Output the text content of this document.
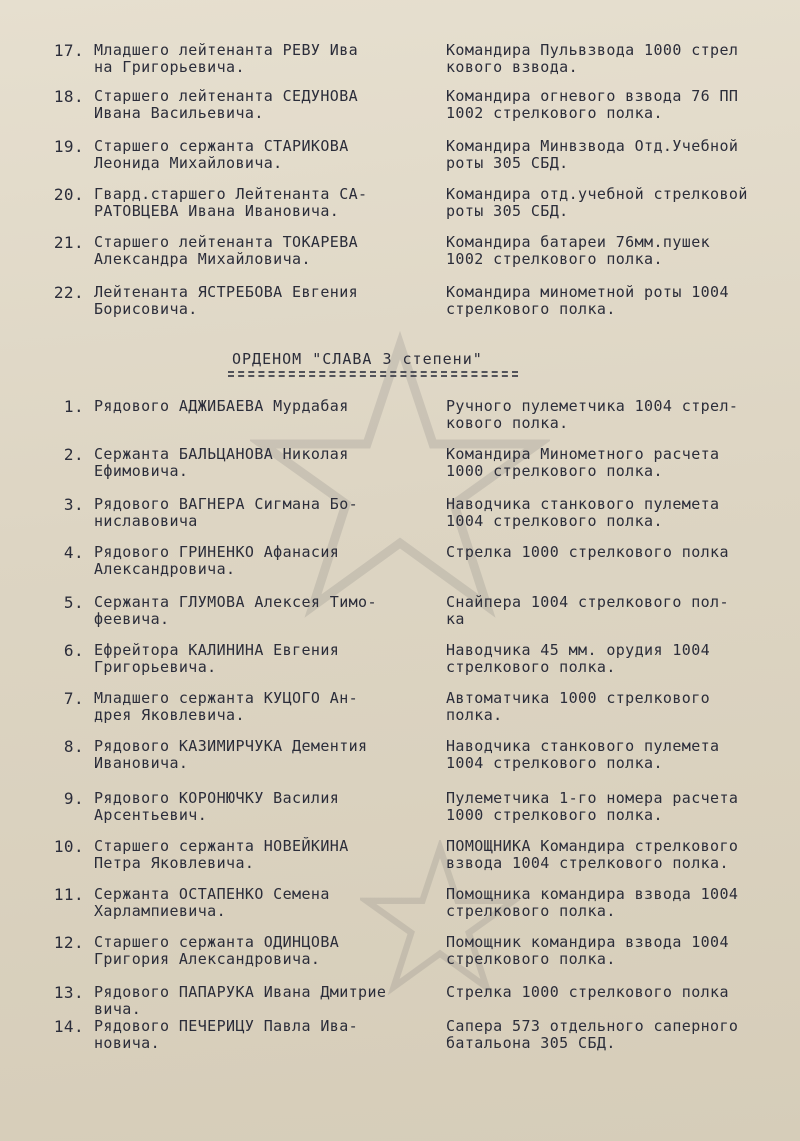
17. Младшего лейтенанта РЕВУ Ива
на Григорьевича.
Командира Пульвзвода 1000 стрел
кового взвода.
18. Старшего лейтенанта СЕДУНОВА
Ивана Васильевича.
Командира огневого взвода 76 ПП
1002 стрелкового полка.
19. Старшего сержанта СТАРИКОВА
Леонида Михайловича.
Командира Минвзвода Отд.Учебной
роты 305 СБД.
20. Гвард.старшего Лейтенанта СА-
РАТОВЦЕВА Ивана Ивановича.
Командира отд.учебной стрелковой
роты 305 СБД.
21. Старшего лейтенанта ТОКАРЕВА
Александра Михайловича.
Командира батареи 76мм.пушек
1002 стрелкового полка.
22. Лейтенанта ЯСТРЕБОВА Евгения
Борисовича.
Командира минометной роты 1004
стрелкового полка.
ОРДЕНОМ "СЛАВА 3 степени"
1. Рядового АДЖИБАЕВА Мурдабая	Ручного пулеметчика 1004 стрел-
кового полка.
2. Сержанта БАЛЬЦАНОВА Николая
Ефимовича.
Командира Минометного расчета
1000 стрелкового полка.
3. Рядового ВАГНЕРА Сигмана Бо-
ниславовича
Наводчика станкового пулемета
1004 стрелкового полка.
4. Рядового ГРИНЕНКО Афанасия
Александровича.
Стрелка 1000 стрелкового полка
5. Сержанта ГЛУМОВА Алексея Тимо-
феевича.
Снайпера 1004 стрелкового пол-
ка
6. Ефрейтора КАЛИНИНА Евгения
Григорьевича.
Наводчика 45 мм. орудия 1004
стрелкового полка.
7. Младшего сержанта КУЦОГО Ан-
дрея Яковлевича.
Автоматчика 1000 стрелкового
полка.
8. Рядового КАЗИМИРЧУКА Дементия
Ивановича.
Наводчика станкового пулемета
1004 стрелкового полка.
9. Рядового КОРОНЮЧКУ Василия
Арсентьевич.
Пулеметчика 1-го номера расчета
1000 стрелкового полка.
10. Старшего сержанта НОВЕЙКИНА
Петра Яковлевича.
ПОМОЩНИКА Командира стрелкового
взвода 1004 стрелкового полка.
11. Сержанта ОСТАПЕНКО Семена
Харлампиевича.
Помощника командира взвода 1004
стрелкового полка.
12. Старшего сержанта ОДИНЦОВА
Григория Александровича.
Помощник командира взвода 1004
стрелкового полка.
13. Рядового ПАПАРУКА Ивана Дмитрие
вича.
Стрелка 1000 стрелкового полка
14. Рядового ПЕЧЕРИЦУ Павла Ива-
новича.
Сапера 573 отдельного саперного
батальона 305 СБД.
